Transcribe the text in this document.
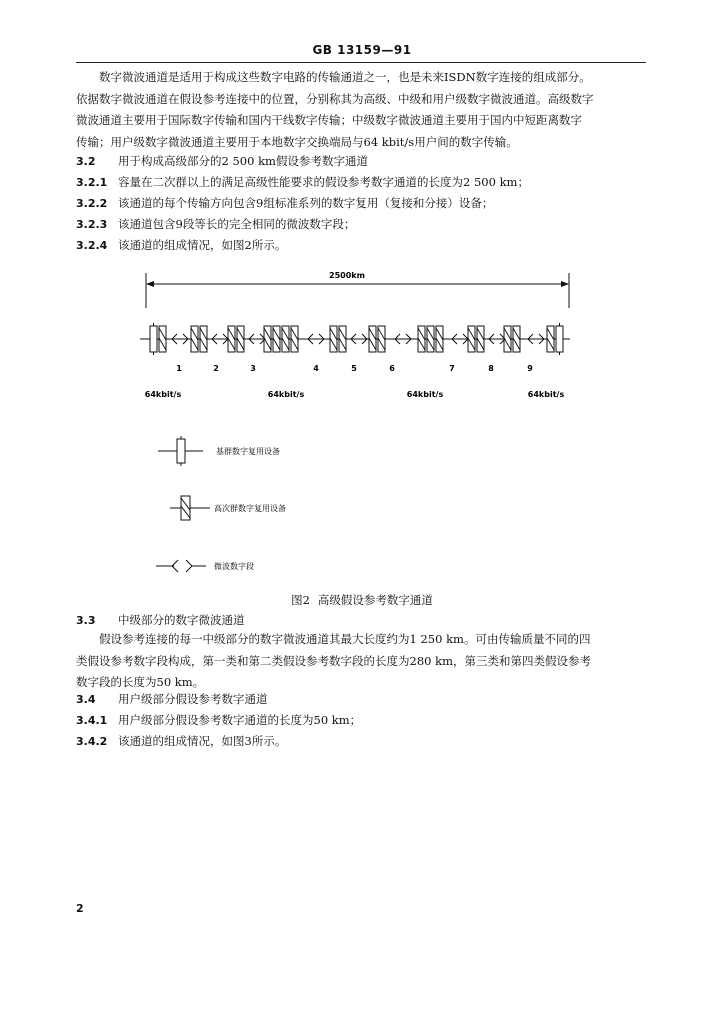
GB 13159—91
数字微波通道是适用于构成这些数字电路的传输通道之一，也是未来ISDN数字连接的组成部分。
依据数字微波通道在假设参考连接中的位置，分别称其为高级、中级和用户级数字微波通道。高级数字
微波通道主要用于国际数字传输和国内干线数字传输；中级数字微波通道主要用于国内中短距离数字
传输；用户级数字微波通道主要用于本地数字交换端局与64 kbit/s用户间的数字传输。
3.2 用于构成高级部分的2 500 km假设参考数字通道
3.2.1 容量在二次群以上的满足高级性能要求的假设参考数字通道的长度为2 500 km；
3.2.2 该通道的每个传输方向包含9组标准系列的数字复用（复接和分接）设备；
3.2.3 该通道包含9段等长的完全相同的微波数字段；
3.2.4 该通道的组成情况，如图2所示。
2500km
1	2	3	4	5	6	7	8	9
64kbit/s	64kbit/s	64kbit/s	64kbit/s
基群数字复用设备
高次群数字复用设备
微波数字段
图2 高级假设参考数字通道
3.3 中级部分的数字微波通道
假设参考连接的每一中级部分的数字微波通道其最大长度约为1 250 km。可由传输质量不同的四
类假设参考数字段构成，第一类和第二类假设参考数字段的长度为280 km，第三类和第四类假设参考
数字段的长度为50 km。
3.4 用户级部分假设参考数字通道
3.4.1 用户级部分假设参考数字通道的长度为50 km；
3.4.2 该通道的组成情况，如图3所示。
2
